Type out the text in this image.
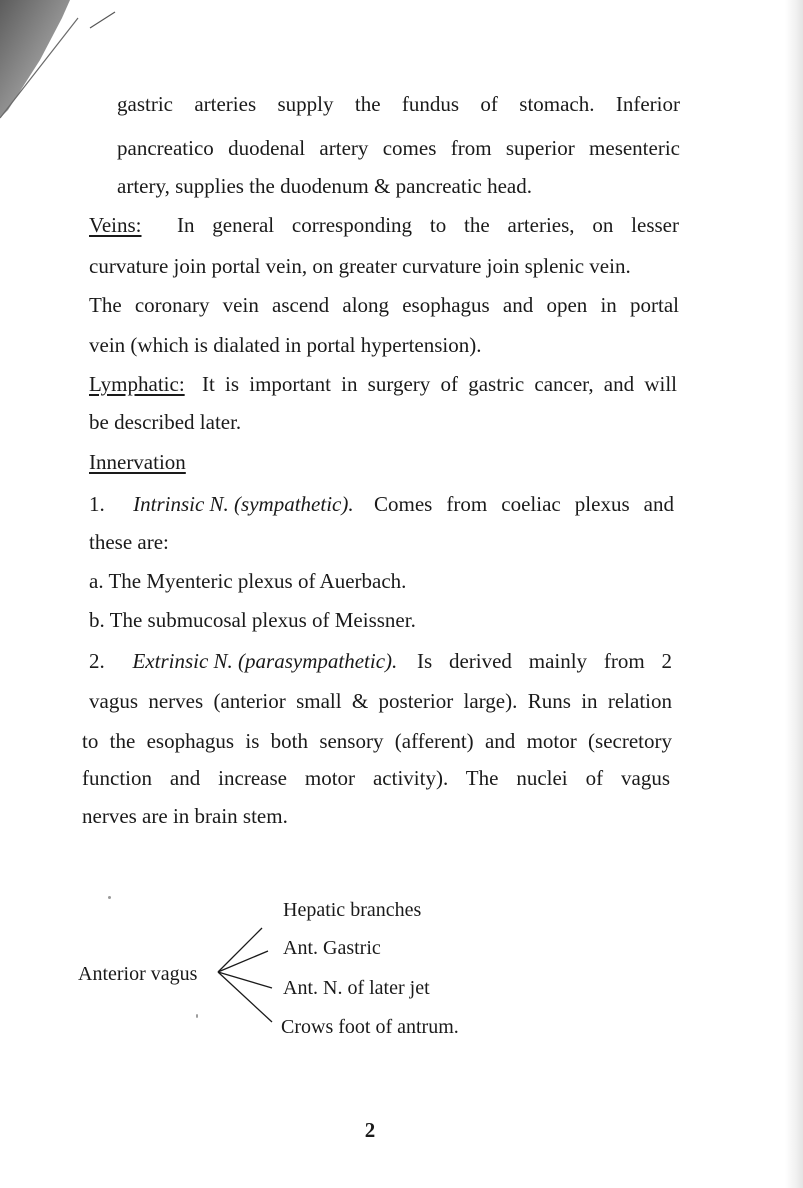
gastric arteries supply the fundus of stomach. Inferior
pancreatico duodenal artery comes from superior mesenteric
artery, supplies the duodenum & pancreatic head.
Veins: In general corresponding to the arteries, on lesser
curvature join portal vein, on greater curvature join splenic vein.
The coronary vein ascend along esophagus and open in portal
vein (which is dialated in portal hypertension).
Lymphatic: It is important in surgery of gastric cancer, and will
be described later.
Innervation
1. Intrinsic N. (sympathetic). Comes from coeliac plexus and
these are:
a. The Myenteric plexus of Auerbach.
b. The submucosal plexus of Meissner.
2. Extrinsic N. (parasympathetic). Is derived mainly from 2
vagus nerves (anterior small & posterior large). Runs in relation
to the esophagus is both sensory (afferent) and motor (secretory
function and increase motor activity). The nuclei of vagus
nerves are in brain stem.
Anterior vagus
Hepatic branches
Ant. Gastric
Ant. N. of later jet
Crows foot of antrum.
2
